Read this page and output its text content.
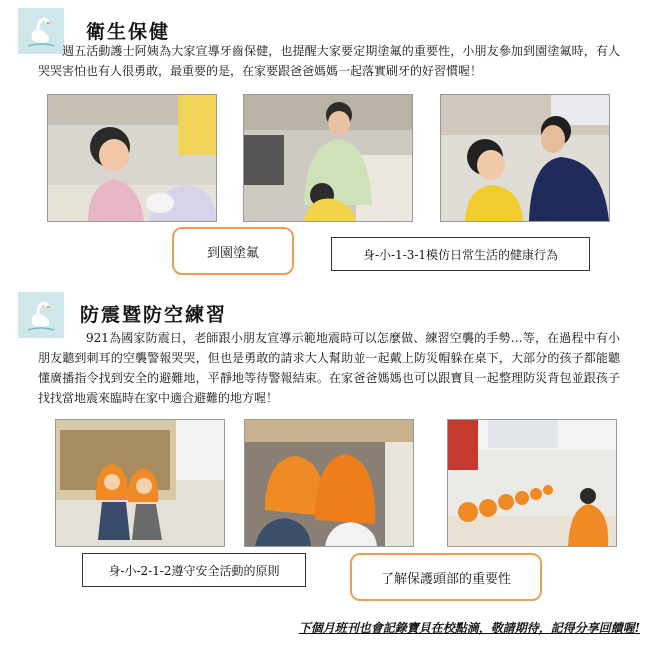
衛生保健

週五活動護士阿姨為大家宣導牙齒保健，也提醒大家要定期塗氟的重要性，小朋友參加到園塗氟時，有人哭哭害怕也有人很勇敢，最重要的是，在家要跟爸爸媽媽一起落實刷牙的好習慣喔！

到園塗氟	身-小-1-3-1模仿日常生活的健康行為
防震暨防空練習

921為國家防震日，老師跟小朋友宣導示範地震時可以怎麼做、練習空襲的手勢…等，在過程中有小朋友聽到刺耳的空襲警報哭哭，但也是勇敢的請求大人幫助並一起戴上防災帽躲在桌下，大部分的孩子都能聽懂廣播指令找到安全的避難地，平靜地等待警報結束。在家爸爸媽媽也可以跟寶貝一起整理防災背包並跟孩子找找當地震來臨時在家中適合避難的地方喔！

身-小-2-1-2遵守安全活動的原則
了解保護頭部的重要性

下個月班刊也會記錄寶貝在校點滴，敬請期待，記得分享回饋喔!
